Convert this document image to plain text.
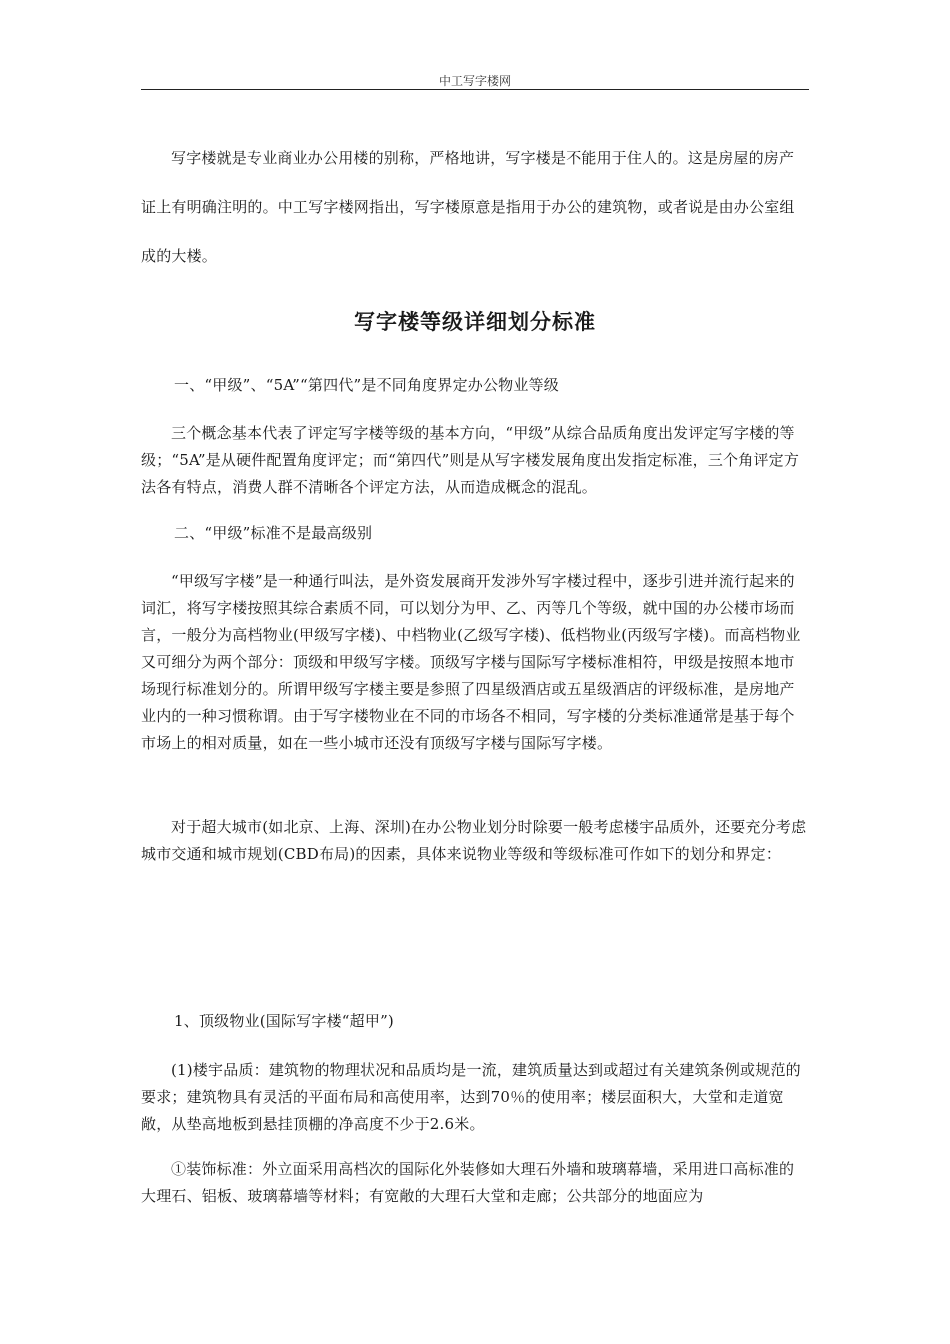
中工写字楼网

写字楼就是专业商业办公用楼的别称，严格地讲，写字楼是不能用于住人的。这是房屋的房产证上有明确注明的。中工写字楼网指出，写字楼原意是指用于办公的建筑物，或者说是由办公室组成的大楼。

写字楼等级详细划分标准

一、“甲级”、“5A”“第四代”是不同角度界定办公物业等级

三个概念基本代表了评定写字楼等级的基本方向，“甲级”从综合品质角度出发评定写字楼的等级；“5A”是从硬件配置角度评定；而“第四代”则是从写字楼发展角度出发指定标准，三个角评定方法各有特点，消费人群不清晰各个评定方法，从而造成概念的混乱。

二、“甲级”标准不是最高级别

“甲级写字楼”是一种通行叫法，是外资发展商开发涉外写字楼过程中，逐步引进并流行起来的词汇，将写字楼按照其综合素质不同，可以划分为甲、乙、丙等几个等级，就中国的办公楼市场而言，一般分为高档物业(甲级写字楼)、中档物业(乙级写字楼)、低档物业(丙级写字楼)。而高档物业又可细分为两个部分：顶级和甲级写字楼。顶级写字楼与国际写字楼标准相符，甲级是按照本地市场现行标准划分的。所谓甲级写字楼主要是参照了四星级酒店或五星级酒店的评级标准，是房地产业内的一种习惯称谓。由于写字楼物业在不同的市场各不相同，写字楼的分类标准通常是基于每个市场上的相对质量，如在一些小城市还没有顶级写字楼与国际写字楼。

对于超大城市(如北京、上海、深圳)在办公物业划分时除要一般考虑楼宇品质外，还要充分考虑城市交通和城市规划(CBD布局)的因素，具体来说物业等级和等级标准可作如下的划分和界定：

1、顶级物业(国际写字楼“超甲”)

(1)楼宇品质：建筑物的物理状况和品质均是一流，建筑质量达到或超过有关建筑条例或规范的要求；建筑物具有灵活的平面布局和高使用率，达到70％的使用率；楼层面积大，大堂和走道宽敞，从垫高地板到悬挂顶棚的净高度不少于2.6米。

①装饰标准：外立面采用高档次的国际化外装修如大理石外墙和玻璃幕墙，采用进口高标准的大理石、铝板、玻璃幕墙等材料；有宽敞的大理石大堂和走廊；公共部分的地面应为
